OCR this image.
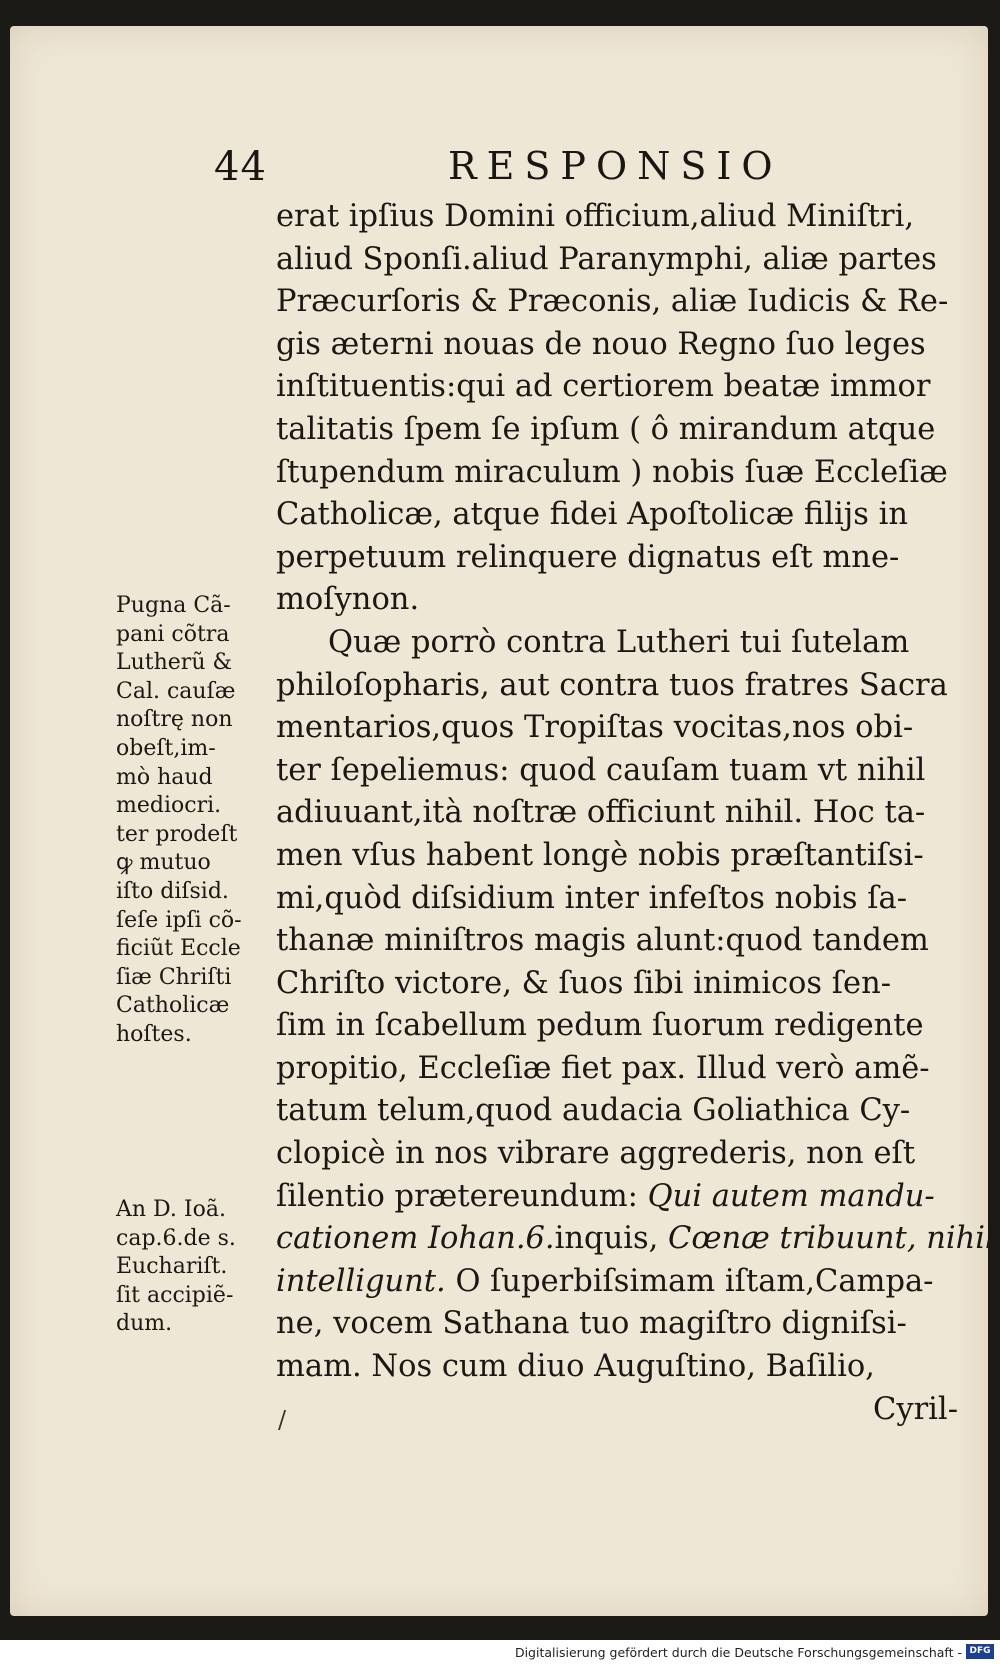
44	RESPONSIO
erat ipſius Domini officium,aliud Miniſtri,
aliud Sponſi.aliud Paranymphi, aliæ partes
Præcurſoris & Præconis, aliæ Iudicis & Re-
gis æterni nouas de nouo Regno ſuo leges
inſtituentis:qui ad certiorem beatæ immor
talitatis ſpem ſe ipſum ( ô mirandum atque
ſtupendum miraculum ) nobis ſuæ Eccleſiæ
Catholicæ, atque fidei Apoſtolicæ filijs in
perpetuum relinquere dignatus eſt mne-
moſynon.
Quæ porrò contra Lutheri tui ſutelam
philoſopharis, aut contra tuos fratres Sacra
mentarios,quos Tropiſtas vocitas,nos obi-
ter ſepeliemus: quod cauſam tuam vt nihil
adiuuant,ità noſtræ officiunt nihil. Hoc ta-
men vſus habent longè nobis præſtantiſsi-
mi,quòd diſsidium inter infeſtos nobis ſa-
thanæ miniſtros magis alunt:quod tandem
Chriſto victore, & ſuos ſibi inimicos ſen-
ſim in ſcabellum pedum ſuorum redigente
propitio, Eccleſiæ fiet pax. Illud verò amẽ-
tatum telum,quod audacia Goliathica Cy-
clopicè in nos vibrare aggrederis, non eſt
ſilentio prætereundum: Qui autem mandu-
cationem Iohan.6.inquis, Cœnæ tribuunt, nihil
intelligunt. O ſuperbiſsimam iſtam,Campa-
ne, vocem Sathana tuo magiſtro digniſsi-
mam. Nos cum diuo Auguſtino, Baſilio,
Cyril-
Pugna Cã-
pani cõtra
Lutherũ &
Cal. cauſæ
noſtrę non
obeſt,im-
mò haud
mediocri.
ter prodeſt
ꝙ mutuo
iſto diſsid.
ſeſe ipſi cõ-
ficiũt Eccle
ſiæ Chriſti
Catholicæ
hoſtes.
An D. Ioã.
cap.6.de s.
Euchariſt.
ſit accipiẽ-
dum.
/
Digitalisierung gefördert durch die Deutsche Forschungsgemeinschaft - DFG
